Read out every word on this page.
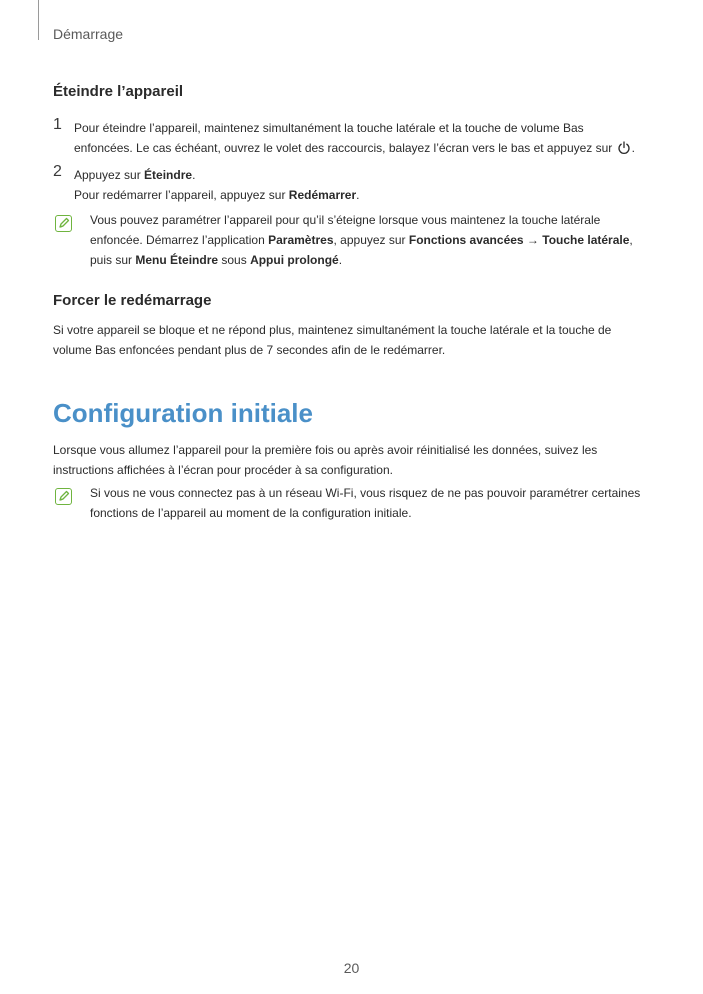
Démarrage
Éteindre l’appareil
1 Pour éteindre l’appareil, maintenez simultanément la touche latérale et la touche de volume Bas
enfoncées. Le cas échéant, ouvrez le volet des raccourcis, balayez l’écran vers le bas et appuyez sur .
2 Appuyez sur Éteindre.
Pour redémarrer l’appareil, appuyez sur Redémarrer.
Vous pouvez paramétrer l’appareil pour qu’il s’éteigne lorsque vous maintenez la touche latérale
enfoncée. Démarrez l’application Paramètres, appuyez sur Fonctions avancées → Touche latérale,
puis sur Menu Éteindre sous Appui prolongé.
Forcer le redémarrage
Si votre appareil se bloque et ne répond plus, maintenez simultanément la touche latérale et la touche de
volume Bas enfoncées pendant plus de 7 secondes afin de le redémarrer.
Configuration initiale
Lorsque vous allumez l’appareil pour la première fois ou après avoir réinitialisé les données, suivez les
instructions affichées à l’écran pour procéder à sa configuration.
Si vous ne vous connectez pas à un réseau Wi-Fi, vous risquez de ne pas pouvoir paramétrer certaines
fonctions de l’appareil au moment de la configuration initiale.
20
